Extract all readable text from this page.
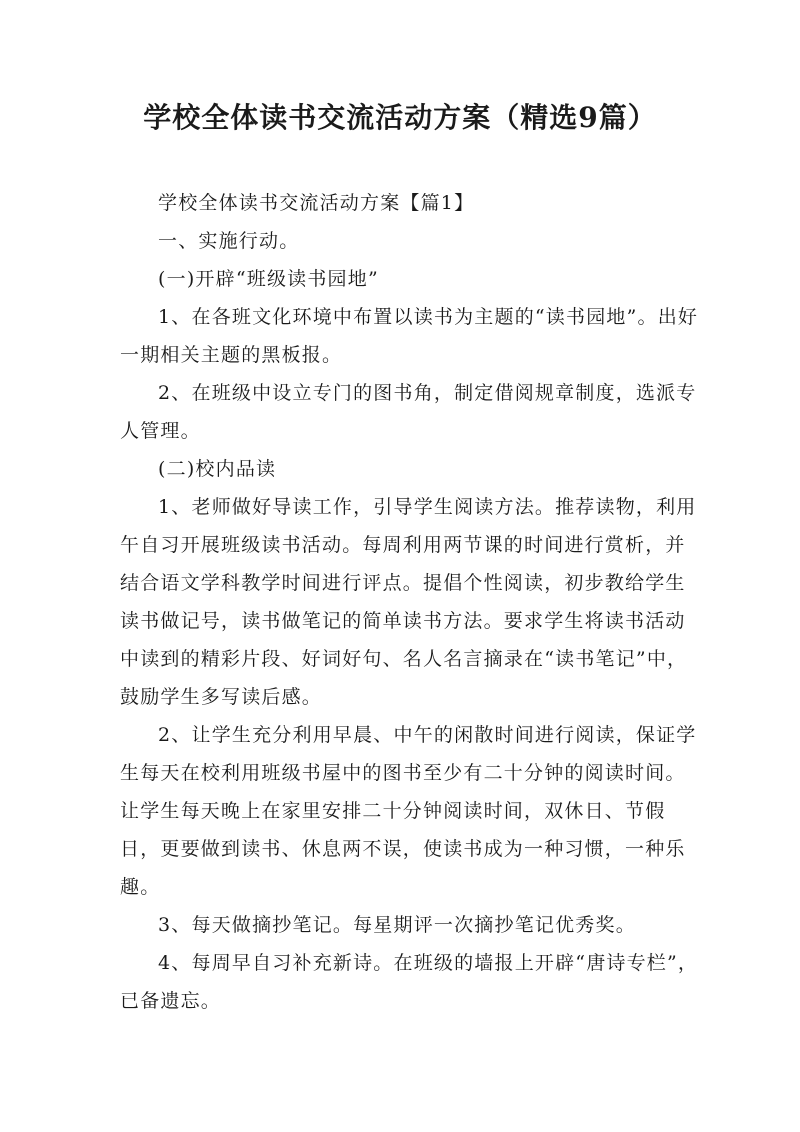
学校全体读书交流活动方案（精选9篇）

学校全体读书交流活动方案【篇1】

一、实施行动。

(一)开辟“班级读书园地”

1、在各班文化环境中布置以读书为主题的“读书园地”。出好一期相关主题的黑板报。

2、在班级中设立专门的图书角，制定借阅规章制度，选派专人管理。

(二)校内品读

1、老师做好导读工作，引导学生阅读方法。推荐读物，利用午自习开展班级读书活动。每周利用两节课的时间进行赏析，并结合语文学科教学时间进行评点。提倡个性阅读，初步教给学生读书做记号，读书做笔记的简单读书方法。要求学生将读书活动中读到的精彩片段、好词好句、名人名言摘录在“读书笔记”中，鼓励学生多写读后感。

2、让学生充分利用早晨、中午的闲散时间进行阅读，保证学生每天在校利用班级书屋中的图书至少有二十分钟的阅读时间。让学生每天晚上在家里安排二十分钟阅读时间，双休日、节假日，更要做到读书、休息两不误，使读书成为一种习惯，一种乐趣。

3、每天做摘抄笔记。每星期评一次摘抄笔记优秀奖。

4、每周早自习补充新诗。在班级的墙报上开辟“唐诗专栏”，已备遗忘。
